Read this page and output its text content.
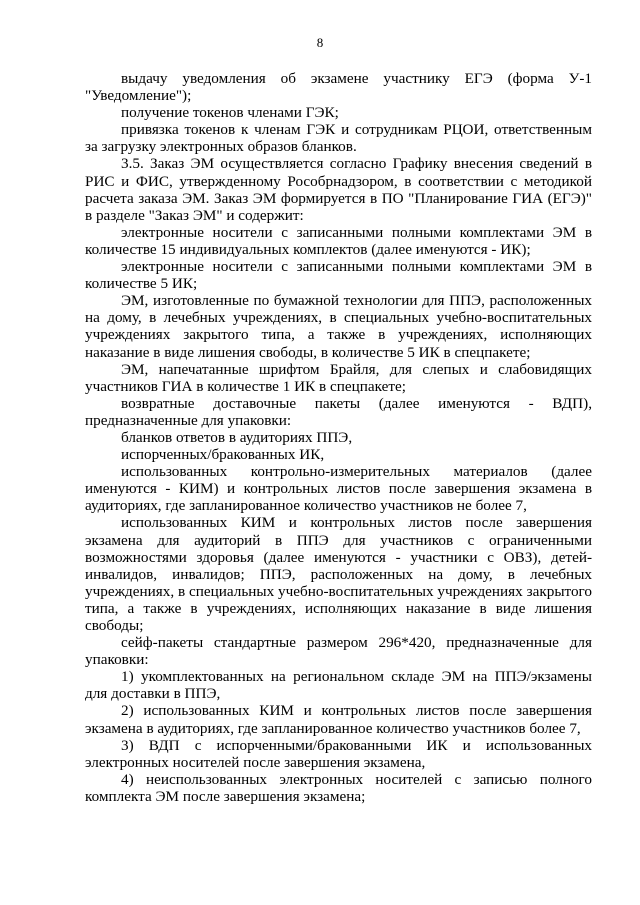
8

выдачу уведомления об экзамене участнику ЕГЭ (форма У-1 "Уведомление");

получение токенов членами ГЭК;

привязка токенов к членам ГЭК и сотрудникам РЦОИ, ответственным за загрузку электронных образов бланков.

3.5. Заказ ЭМ осуществляется согласно Графику внесения сведений в РИС и ФИС, утвержденному Рособрнадзором, в соответствии с методикой расчета заказа ЭМ. Заказ ЭМ формируется в ПО "Планирование ГИА (ЕГЭ)" в разделе "Заказ ЭМ" и содержит:

электронные носители с записанными полными комплектами ЭМ в количестве 15 индивидуальных комплектов (далее именуются - ИК);

электронные носители с записанными полными комплектами ЭМ в количестве 5 ИК;

ЭМ, изготовленные по бумажной технологии для ППЭ, расположенных на дому, в лечебных учреждениях, в специальных учебно-воспитательных учреждениях закрытого типа, а также в учреждениях, исполняющих наказание в виде лишения свободы, в количестве 5 ИК в спецпакете;

ЭМ, напечатанные шрифтом Брайля, для слепых и слабовидящих участников ГИА в количестве 1 ИК в спецпакете;

возвратные доставочные пакеты (далее именуются - ВДП), предназначенные для упаковки:

бланков ответов в аудиториях ППЭ,

испорченных/бракованных ИК,

использованных контрольно-измерительных материалов (далее именуются - КИМ) и контрольных листов после завершения экзамена в аудиториях, где запланированное количество участников не более 7,

использованных КИМ и контрольных листов после завершения экзамена для аудиторий в ППЭ для участников с ограниченными возможностями здоровья (далее именуются - участники с ОВЗ), детей-инвалидов, инвалидов; ППЭ, расположенных на дому, в лечебных учреждениях, в специальных учебно-воспитательных учреждениях закрытого типа, а также в учреждениях, исполняющих наказание в виде лишения свободы;

сейф-пакеты стандартные размером 296*420, предназначенные для упаковки:

1) укомплектованных на региональном складе ЭМ на ППЭ/экзамены для доставки в ППЭ,

2) использованных КИМ и контрольных листов после завершения экзамена в аудиториях, где запланированное количество участников более 7,

3) ВДП с испорченными/бракованными ИК и использованных электронных носителей после завершения экзамена,

4) неиспользованных электронных носителей с записью полного комплекта ЭМ после завершения экзамена;
